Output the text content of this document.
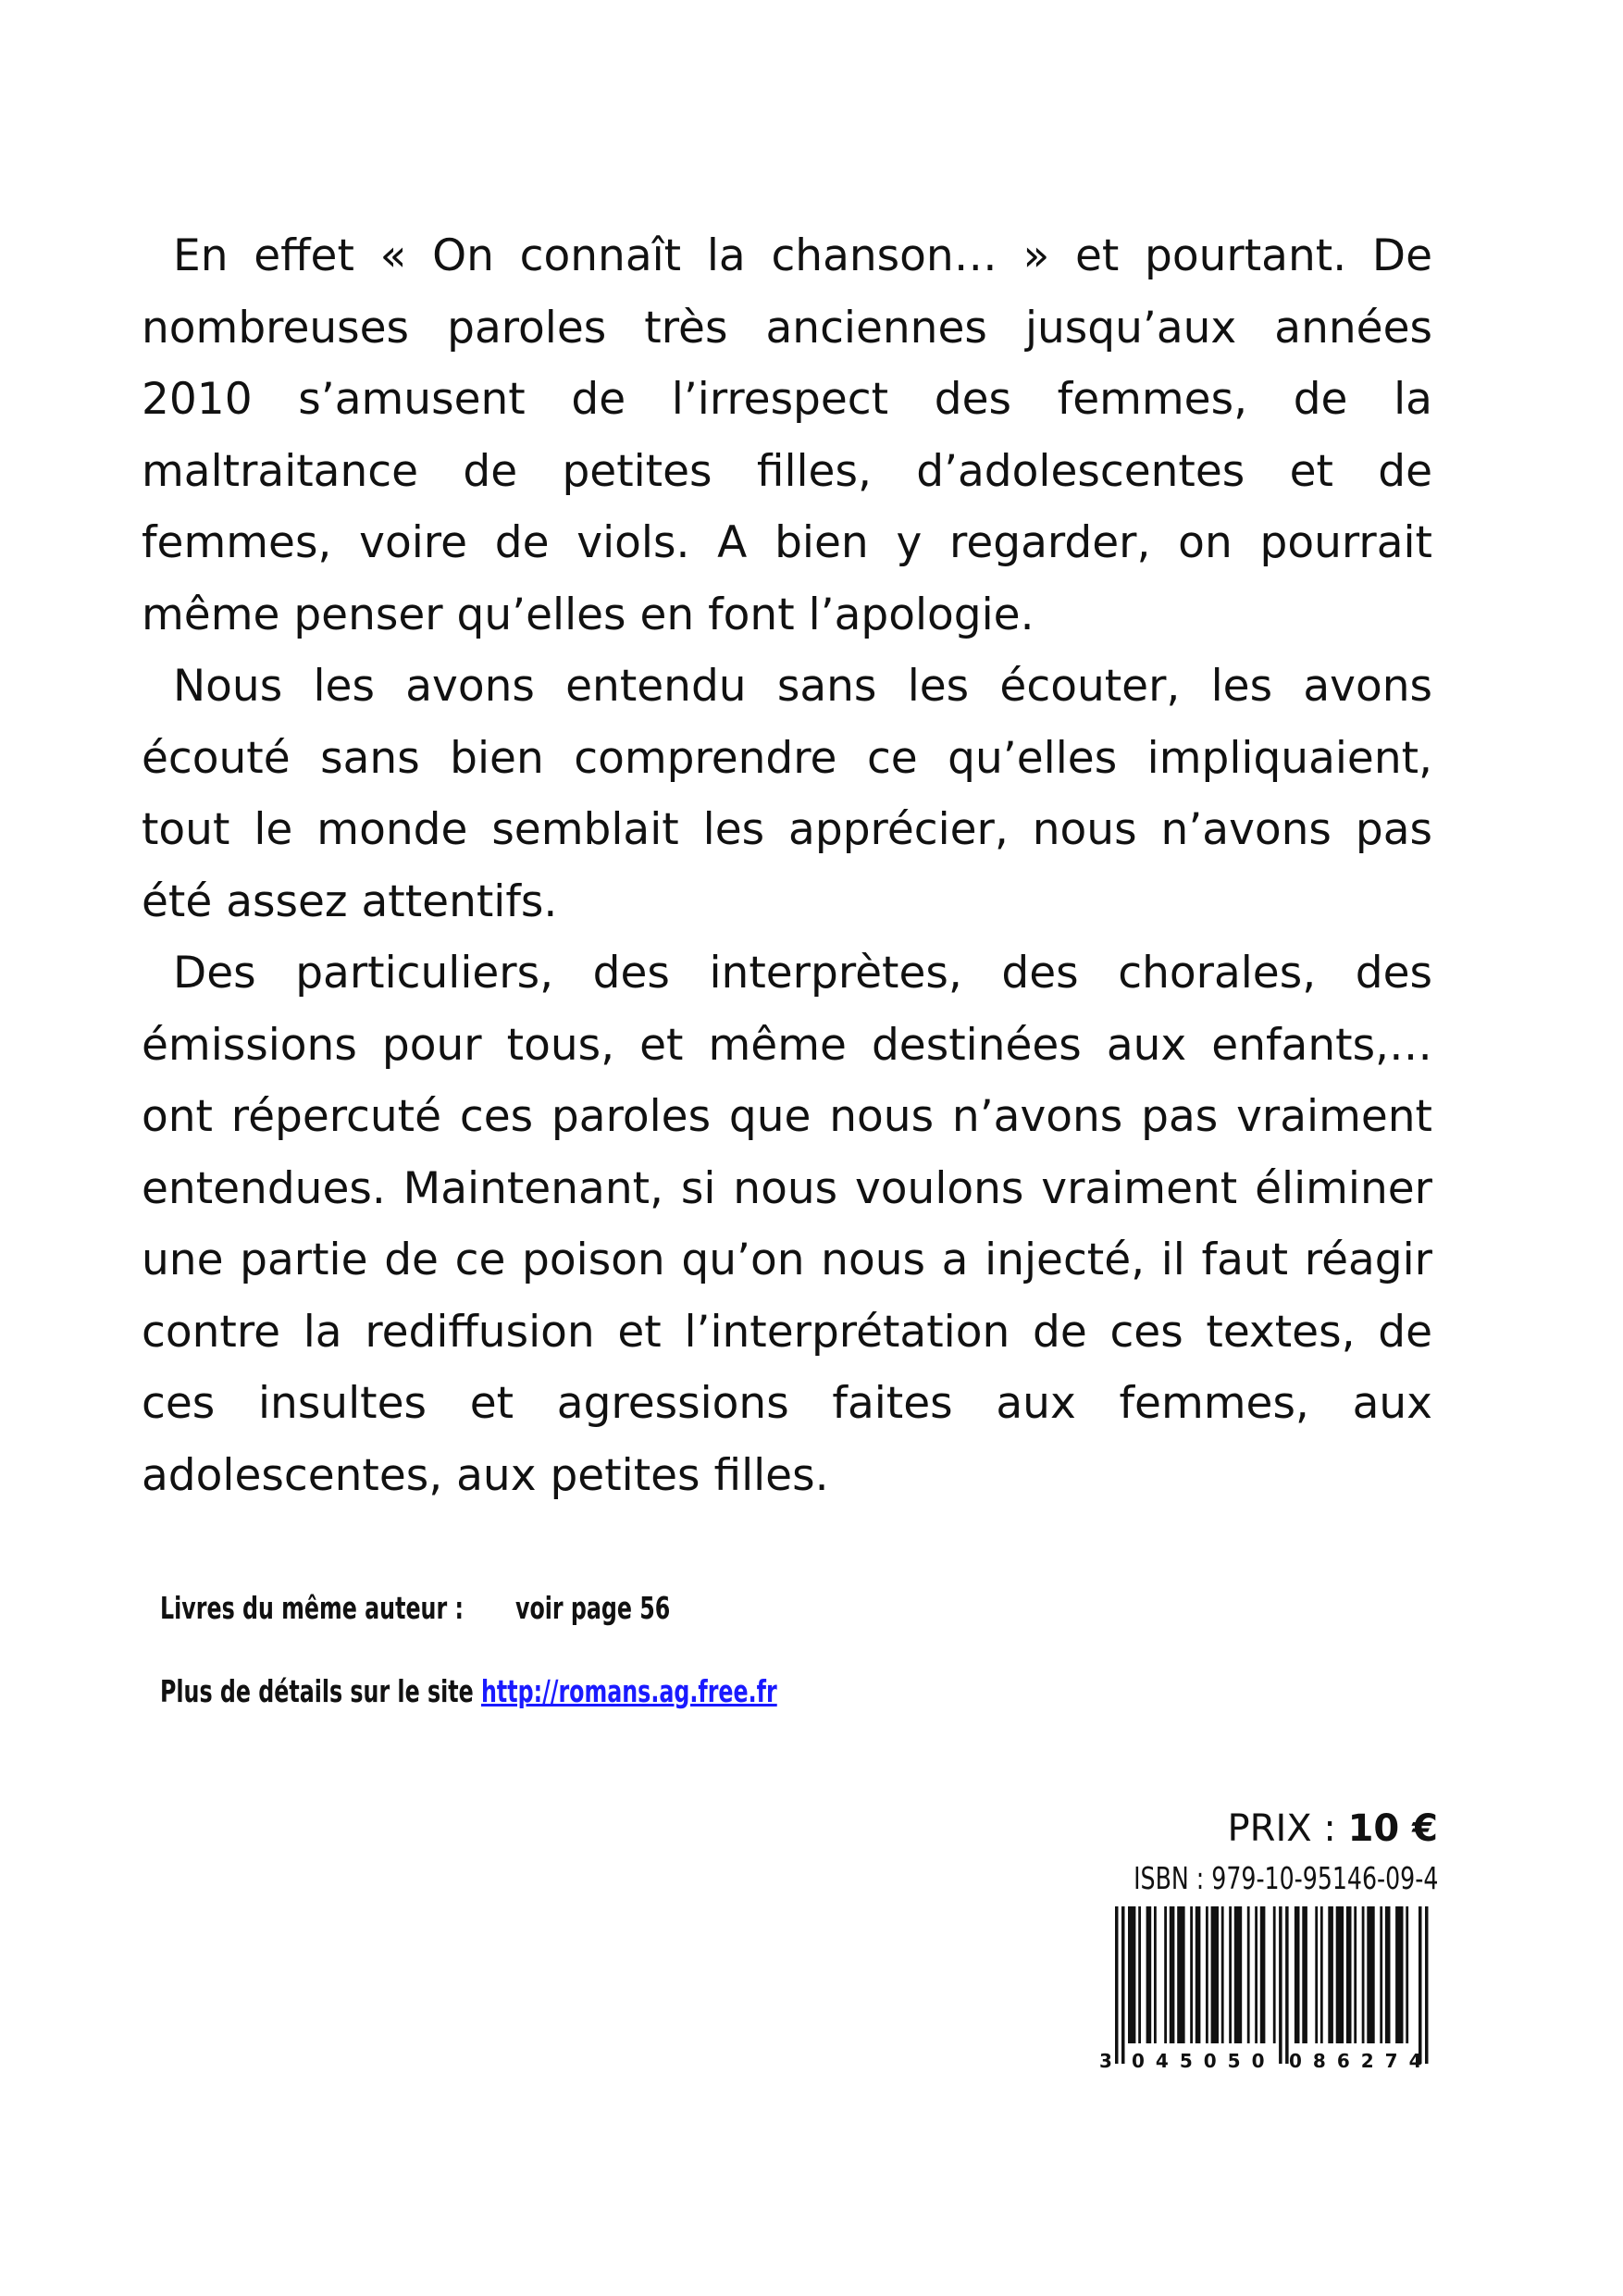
En effet « On connaît la chanson… » et pourtant. De nombreuses paroles très anciennes jusqu’aux années 2010 s’amusent de l’irrespect des femmes, de la maltraitance de petites filles, d’adolescentes et de femmes, voire de viols. A bien y regarder, on pourrait même penser qu’elles en font l’apologie.

Nous les avons entendu sans les écouter, les avons écouté sans bien comprendre ce qu’elles impliquaient, tout le monde semblait les apprécier, nous n’avons pas été assez attentifs.

Des particuliers, des interprètes, des chorales, des émissions pour tous, et même destinées aux enfants,… ont répercuté ces paroles que nous n’avons pas vraiment entendues. Maintenant, si nous voulons vraiment éliminer une partie de ce poison qu’on nous a injecté, il faut réagir contre la rediffusion et l’interprétation de ces textes, de ces insultes et agressions faites aux femmes, aux adolescentes, aux petites filles.

Livres du même auteur : voir page 56
Plus de détails sur le site http://romans.ag.free.fr
PRIX : 10 €
ISBN : 979-10-95146-09-4
3 045050 086274
